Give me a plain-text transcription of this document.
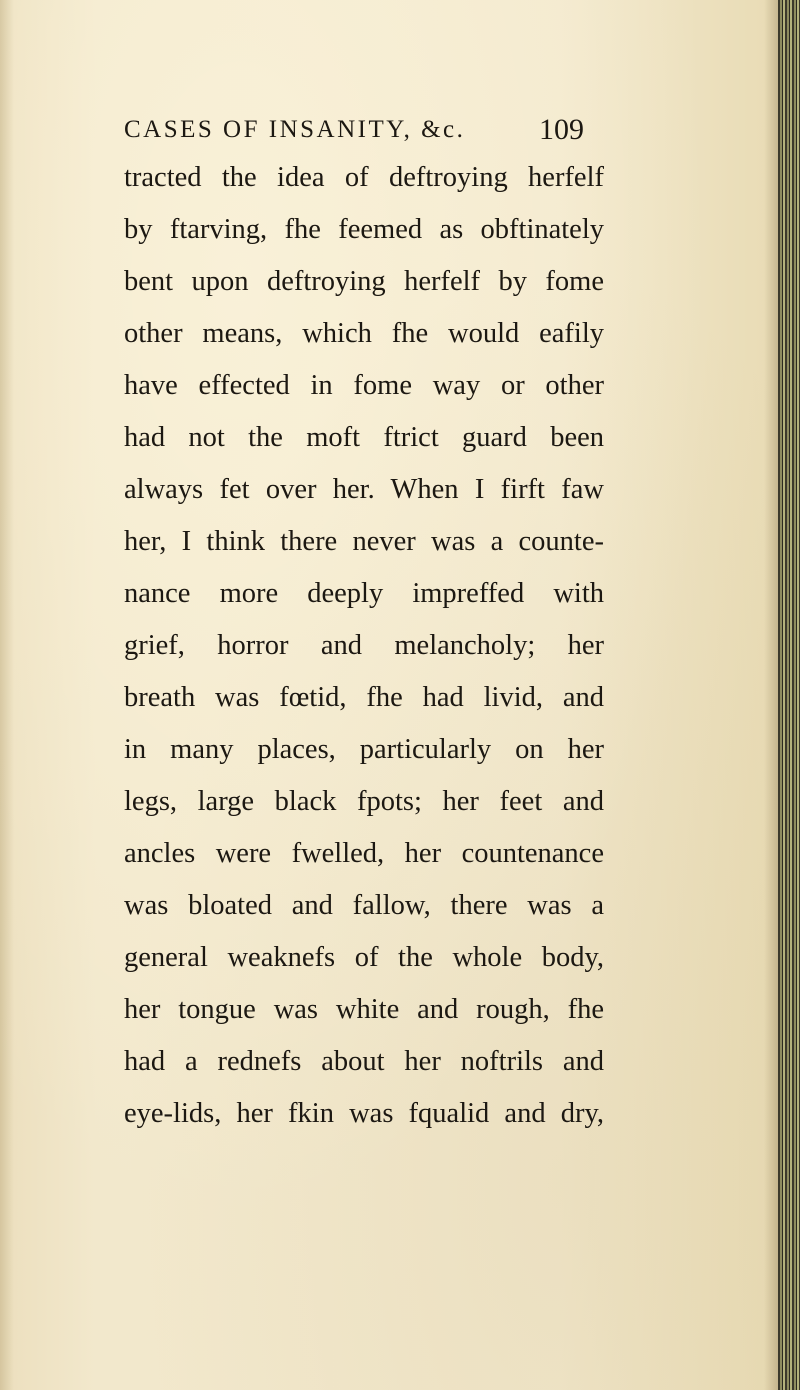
CASES OF INSANITY, &c. 109
tracted the idea of deftroying herfelf
by ftarving, fhe feemed as obftinately
bent upon deftroying herfelf by fome
other means, which fhe would eafily
have effected in fome way or other
had not the moft ftrict guard been
always fet over her. When I firft faw
her, I think there never was a counte-
nance more deeply impreffed with
grief, horror and melancholy; her
breath was fœtid, fhe had livid, and
in many places, particularly on her
legs, large black fpots; her feet and
ancles were fwelled, her countenance
was bloated and fallow, there was a
general weaknefs of the whole body,
her tongue was white and rough, fhe
had a rednefs about her noftrils and
eye-lids, her fkin was fqualid and dry,
